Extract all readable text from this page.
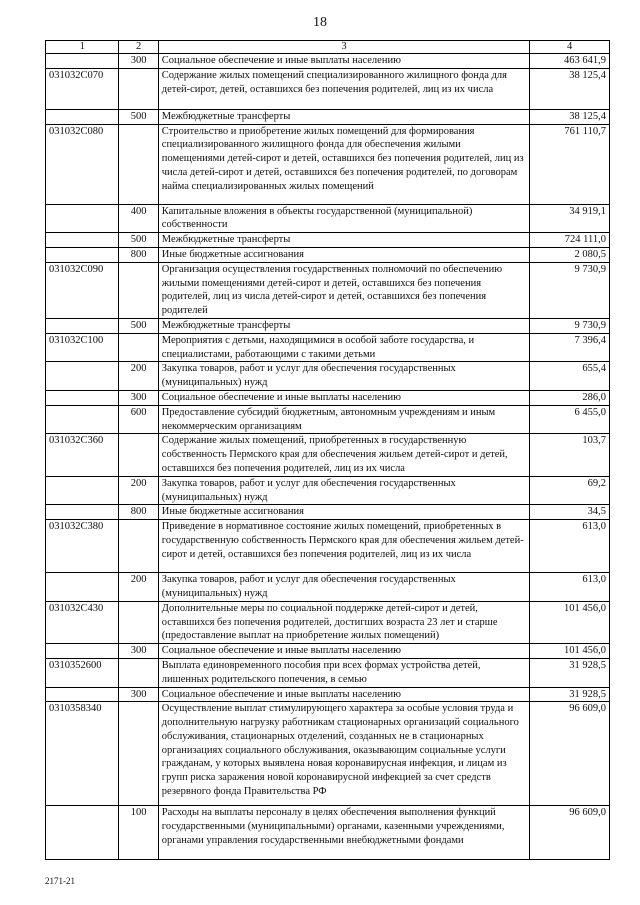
18
1	2	3	4
	300	Социальное обеспечение и иные выплаты населению	463 641,9
031032С070		Содержание жилых помещений специализированного жилищного фонда для детей-сирот, детей, оставшихся без попечения родителей, лиц из их числа	38 125,4
	500	Межбюджетные трансферты	38 125,4
031032С080		Строительство и приобретение жилых помещений для формирования специализированного жилищного фонда для обеспечения жилыми помещениями детей-сирот и детей, оставшихся без попечения родителей, лиц из числа детей-сирот и детей, оставшихся без попечения родителей, по договорам найма специализированных жилых помещений	761 110,7
	400	Капитальные вложения в объекты государственной (муниципальной) собственности	34 919,1
	500	Межбюджетные трансферты	724 111,0
	800	Иные бюджетные ассигнования	2 080,5
031032С090		Организация осуществления государственных полномочий по обеспечению жилыми помещениями детей-сирот и детей, оставшихся без попечения родителей, лиц из числа детей-сирот и детей, оставшихся без попечения родителей	9 730,9
	500	Межбюджетные трансферты	9 730,9
031032С100		Мероприятия с детьми, находящимися в особой заботе государства, и специалистами, работающими с такими детьми	7 396,4
	200	Закупка товаров, работ и услуг для обеспечения государственных (муниципальных) нужд	655,4
	300	Социальное обеспечение и иные выплаты населению	286,0
	600	Предоставление субсидий бюджетным, автономным учреждениям и иным некоммерческим организациям	6 455,0
031032С360		Содержание жилых помещений, приобретенных в государственную собственность Пермского края для обеспечения жильем детей-сирот и детей, оставшихся без попечения родителей, лиц из их числа	103,7
	200	Закупка товаров, работ и услуг для обеспечения государственных (муниципальных) нужд	69,2
	800	Иные бюджетные ассигнования	34,5
031032С380		Приведение в нормативное состояние жилых помещений, приобретенных в государственную собственность Пермского края для обеспечения жильем детей-сирот и детей, оставшихся без попечения родителей, лиц из их числа	613,0
	200	Закупка товаров, работ и услуг для обеспечения государственных (муниципальных) нужд	613,0
031032С430		Дополнительные меры по социальной поддержке детей-сирот и детей, оставшихся без попечения родителей, достигших возраста 23 лет и старше (предоставление выплат на приобретение жилых помещений)	101 456,0
	300	Социальное обеспечение и иные выплаты населению	101 456,0
0310352600		Выплата единовременного пособия при всех формах устройства детей, лишенных родительского попечения, в семью	31 928,5
	300	Социальное обеспечение и иные выплаты населению	31 928,5
0310358340		Осуществление выплат стимулирующего характера за особые условия труда и дополнительную нагрузку работникам стационарных организаций социального обслуживания, стационарных отделений, созданных не в стационарных организациях социального обслуживания, оказывающим социальные услуги гражданам, у которых выявлена новая коронавирусная инфекция, и лицам из групп риска заражения новой коронавирусной инфекцией за счет средств резервного фонда Правительства РФ	96 609,0
	100	Расходы на выплаты персоналу в целях обеспечения выполнения функций государственными (муниципальными) органами, казенными учреждениями, органами управления государственными внебюджетными фондами	96 609,0
2171-21
